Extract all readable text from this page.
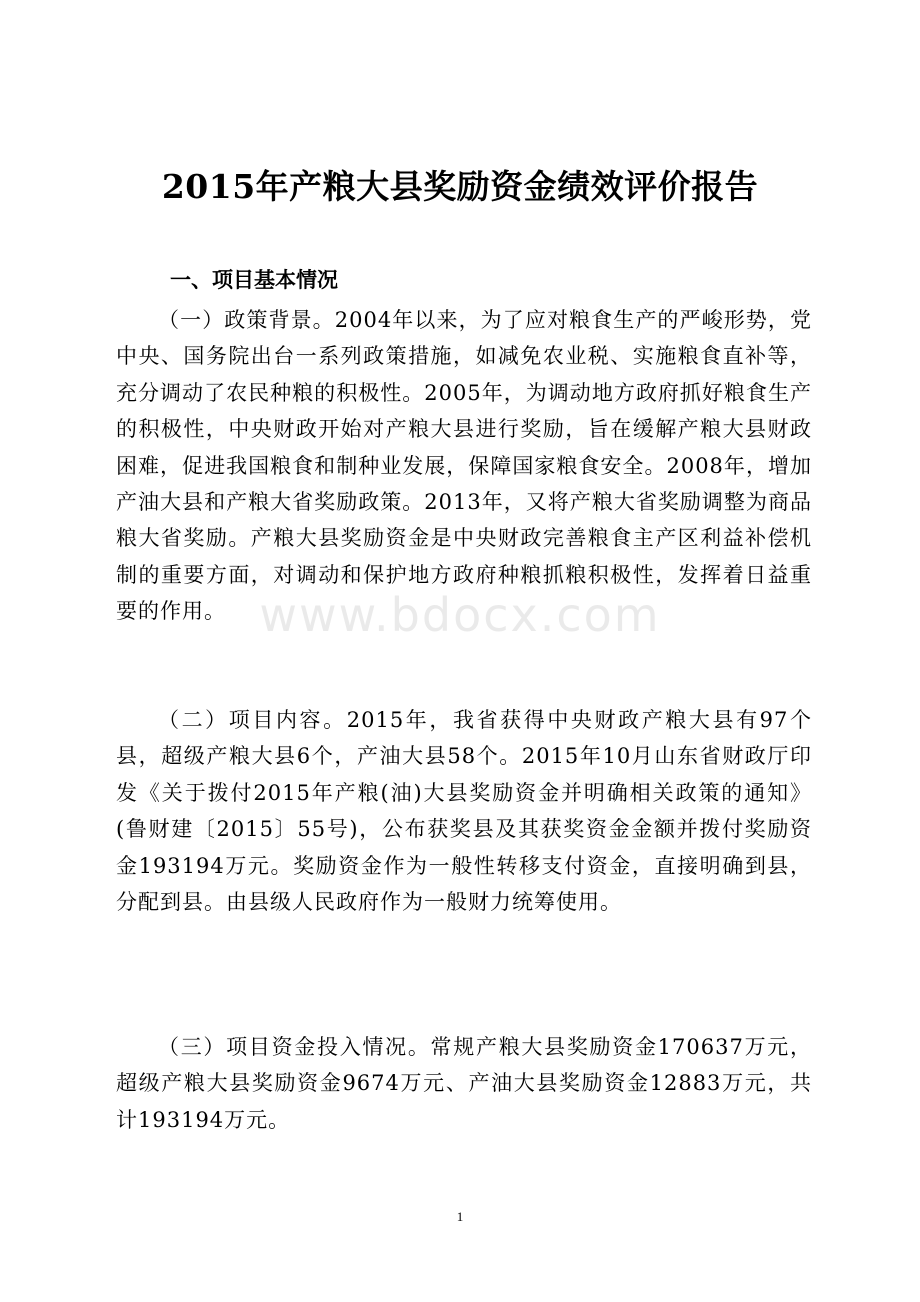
2015年产粮大县奖励资金绩效评价报告
一、项目基本情况

（一）政策背景。2004年以来，为了应对粮食生产的严峻形势，党中央、国务院出台一系列政策措施，如减免农业税、实施粮食直补等，充分调动了农民种粮的积极性。2005年，为调动地方政府抓好粮食生产的积极性，中央财政开始对产粮大县进行奖励，旨在缓解产粮大县财政困难，促进我国粮食和制种业发展，保障国家粮食安全。2008年，增加产油大县和产粮大省奖励政策。2013年，又将产粮大省奖励调整为商品粮大省奖励。产粮大县奖励资金是中央财政完善粮食主产区利益补偿机制的重要方面，对调动和保护地方政府种粮抓粮积极性，发挥着日益重要的作用。

（二）项目内容。2015年，我省获得中央财政产粮大县有97个县，超级产粮大县6个，产油大县58个。2015年10月山东省财政厅印发《关于拨付2015年产粮(油)大县奖励资金并明确相关政策的通知》(鲁财建〔2015〕55号)，公布获奖县及其获奖资金金额并拨付奖励资金193194万元。奖励资金作为一般性转移支付资金，直接明确到县，分配到县。由县级人民政府作为一般财力统筹使用。

（三）项目资金投入情况。常规产粮大县奖励资金170637万元，超级产粮大县奖励资金9674万元、产油大县奖励资金12883万元，共计193194万元。

www.bdocx.com
1
